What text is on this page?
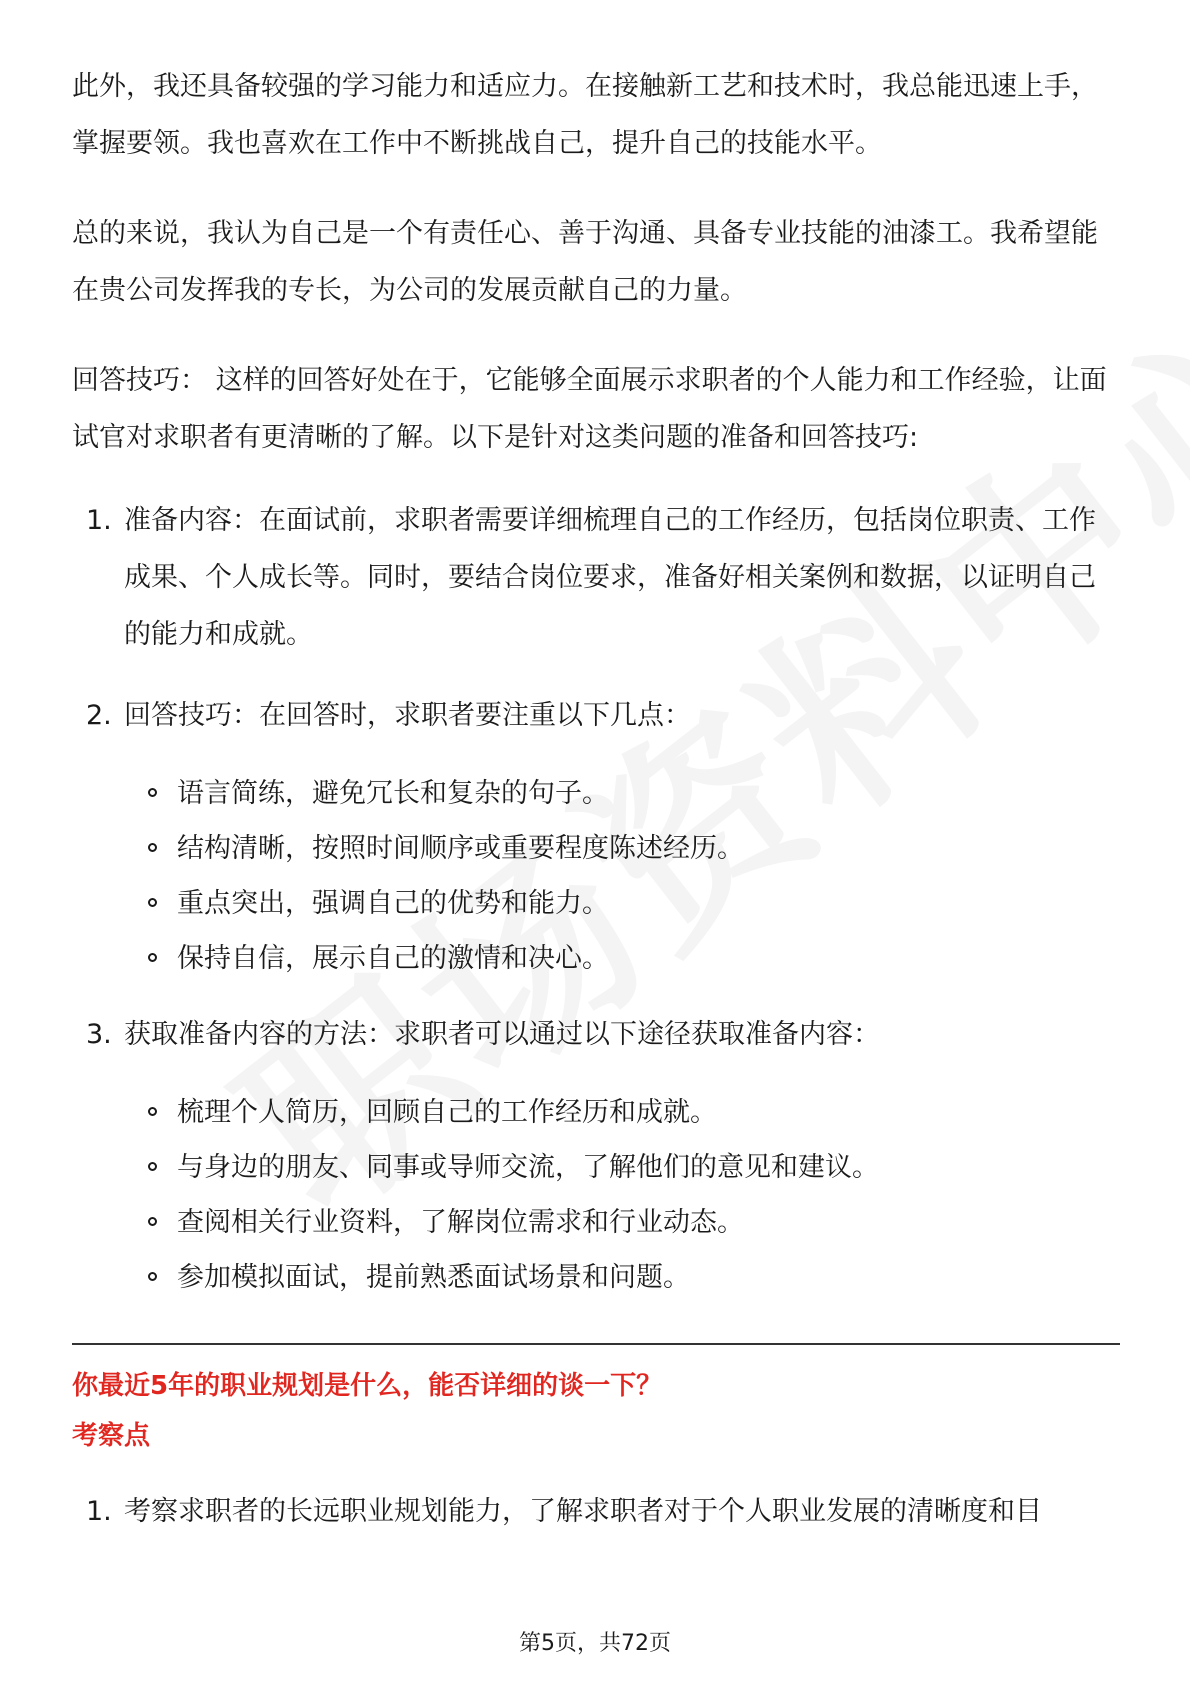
此外，我还具备较强的学习能力和适应力。在接触新工艺和技术时，我总能迅速上手，掌握要领。我也喜欢在工作中不断挑战自己，提升自己的技能水平。

总的来说，我认为自己是一个有责任心、善于沟通、具备专业技能的油漆工。我希望能在贵公司发挥我的专长，为公司的发展贡献自己的力量。

回答技巧： 这样的回答好处在于，它能够全面展示求职者的个人能力和工作经验，让面试官对求职者有更清晰的了解。以下是针对这类问题的准备和回答技巧:

1. 准备内容：在面试前，求职者需要详细梳理自己的工作经历，包括岗位职责、工作成果、个人成长等。同时，要结合岗位要求，准备好相关案例和数据，以证明自己的能力和成就。
2. 回答技巧：在回答时，求职者要注重以下几点：
语言简练，避免冗长和复杂的句子。
结构清晰，按照时间顺序或重要程度陈述经历。
重点突出，强调自己的优势和能力。
保持自信，展示自己的激情和决心。
3. 获取准备内容的方法：求职者可以通过以下途径获取准备内容：
梳理个人简历，回顾自己的工作经历和成就。
与身边的朋友、同事或导师交流，了解他们的意见和建议。
查阅相关行业资料，了解岗位需求和行业动态。
参加模拟面试，提前熟悉面试场景和问题。

你最近5年的职业规划是什么，能否详细的谈一下？

考察点

1. 考察求职者的长远职业规划能力，了解求职者对于个人职业发展的清晰度和目
第5页，共72页
